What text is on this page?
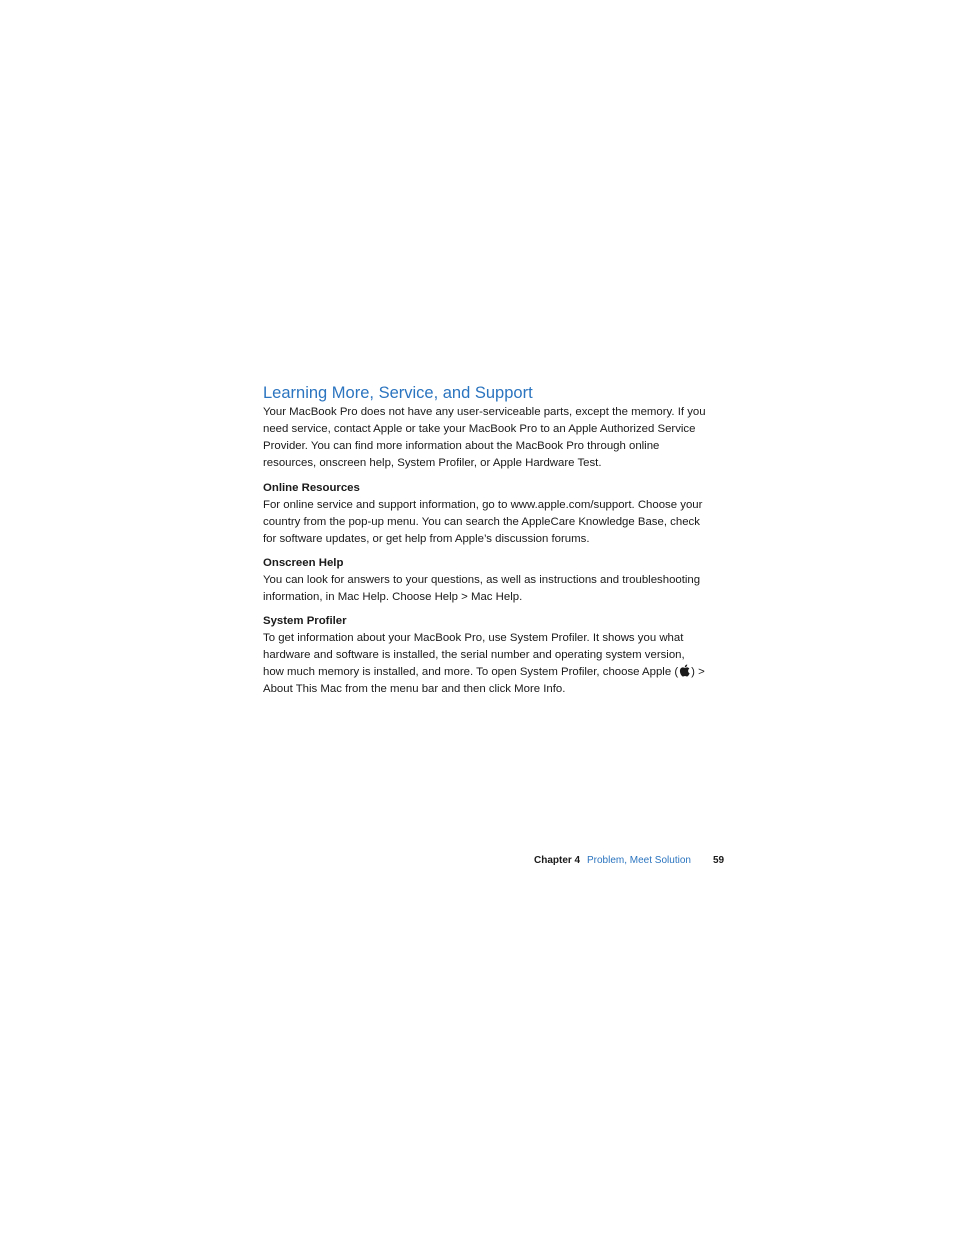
Learning More, Service, and Support

Your MacBook Pro does not have any user-serviceable parts, except the memory. If you need service, contact Apple or take your MacBook Pro to an Apple Authorized Service Provider. You can find more information about the MacBook Pro through online resources, onscreen help, System Profiler, or Apple Hardware Test.

Online Resources

For online service and support information, go to www.apple.com/support. Choose your country from the pop-up menu. You can search the AppleCare Knowledge Base, check for software updates, or get help from Apple’s discussion forums.

Onscreen Help

You can look for answers to your questions, as well as instructions and troubleshooting information, in Mac Help. Choose Help > Mac Help.

System Profiler

To get information about your MacBook Pro, use System Profiler. It shows you what hardware and software is installed, the serial number and operating system version, how much memory is installed, and more. To open System Profiler, choose Apple ( ) > About This Mac from the menu bar and then click More Info.

Chapter 4 Problem, Meet Solution 59
